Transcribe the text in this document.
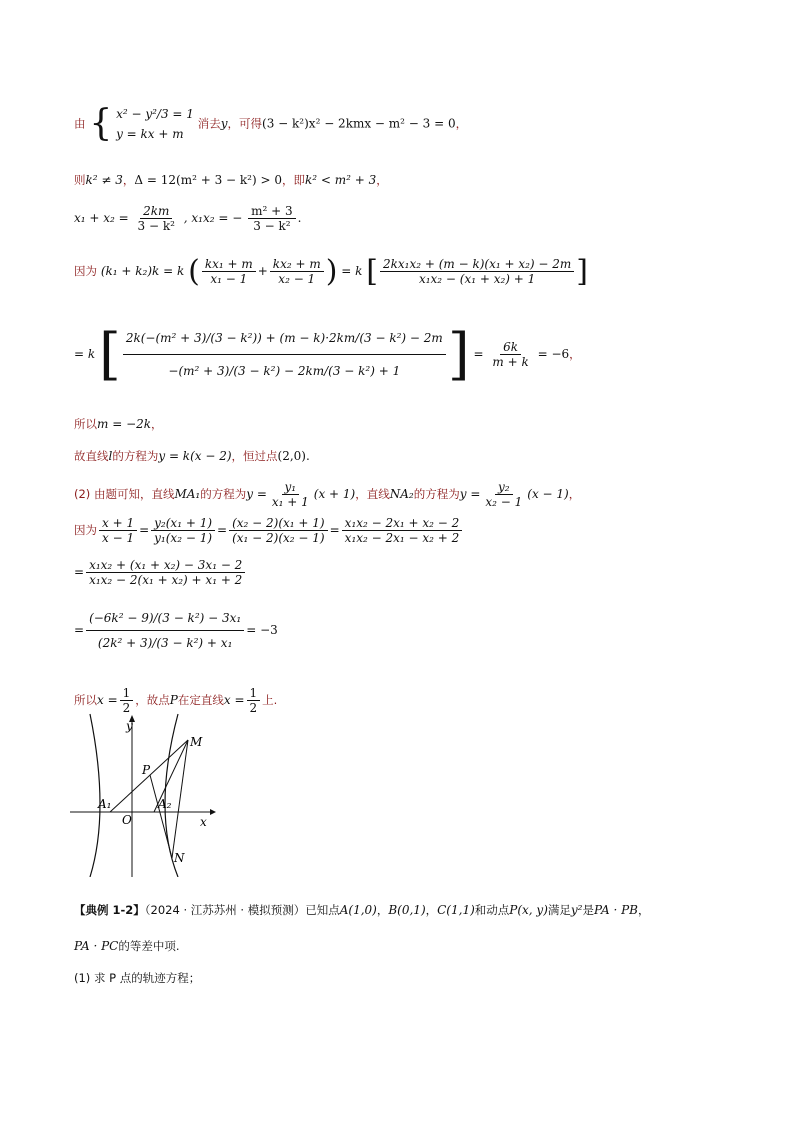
由 { x² − y²/3 = 1
y = kx + m
消去y，可得(3 − k²)x² − 2kmx − m² − 3 = 0，
则k² ≠ 3，Δ = 12(m² + 3 − k²) > 0，即k² < m² + 3，
$x_1 + x_2 = \frac{2km}{\text{3 − k²}}$ , x₁x₂ = − $\frac{\text{m² + 3}}{\text{3 − k²}}$ .
因为 (k₁ + k₂)k = k ( $\frac{\text{kx₁ + m}}{\text{x₁ − 1}} + \frac{\text{kx₂ + m}}{\text{x₂ − 1}}$ ) = k [ $\frac{\text{2kx₁x₂ + (m − k)(x₁ + x₂) − 2m}}{\text{x₁x₂ − (x₁ + x₂) + 1}}$ ]
= k [ $\frac{\text{2k(−(m² + 3)/(3 − k²)) + (m − k)·2km/(3 − k²) − 2m}}{\text{−(m² + 3)/(3 − k²) − 2km/(3 − k²) + 1}}$ ] = $\frac{6k}{m + k} = -6$，
所以m = −2k，
故直线l的方程为y = k(x − 2)，恒过点(2,0).
(2) 由题可知，直线MA₁的方程为$y = \frac{\text{y₁}}{\text{x₁ + 1}} (x + 1)$，直线NA₂的方程为$y = \frac{\text{y₂}}{\text{x₂ − 1}} (x - 1)$，
因为 $\frac{x + 1}{x - 1} = \frac{\text{y₂(x₁ + 1)}}{\text{y₁(x₂ − 1)}} = \frac{\text{(x₂ − 2)(x₁ + 1)}}{\text{(x₁ − 2)(x₂ − 1)}} = \frac{\text{x₁x₂ − 2x₁ + x₂ − 2}}{\text{x₁x₂ − 2x₁ − x₂ + 2}}$
= $\frac{\text{x₁x₂ + (x₁ + x₂) − 3x₁ − 2}}{\text{x₁x₂ − 2(x₁ + x₂) + x₁ + 2}}$
= $\frac{\text{(−6k² − 9)/(3 − k²) − 3x₁}}{\text{(2k² + 3)/(3 − k²) + x₁}} = -3$
所以$x = \frac{1}{2}$ ，故点P在定直线$x = \frac{1}{2}$ 上.
y
x
O
A₁	A₂
P
M
N
【典例 1-2】（2024 · 江苏苏州 · 模拟预测）已知点A(1,0)，B(0,1)，C(1,1)和动点P(x, y)满足y²是PA · PB，
PA · PC的等差中项.
(1) 求 P 点的轨迹方程；
